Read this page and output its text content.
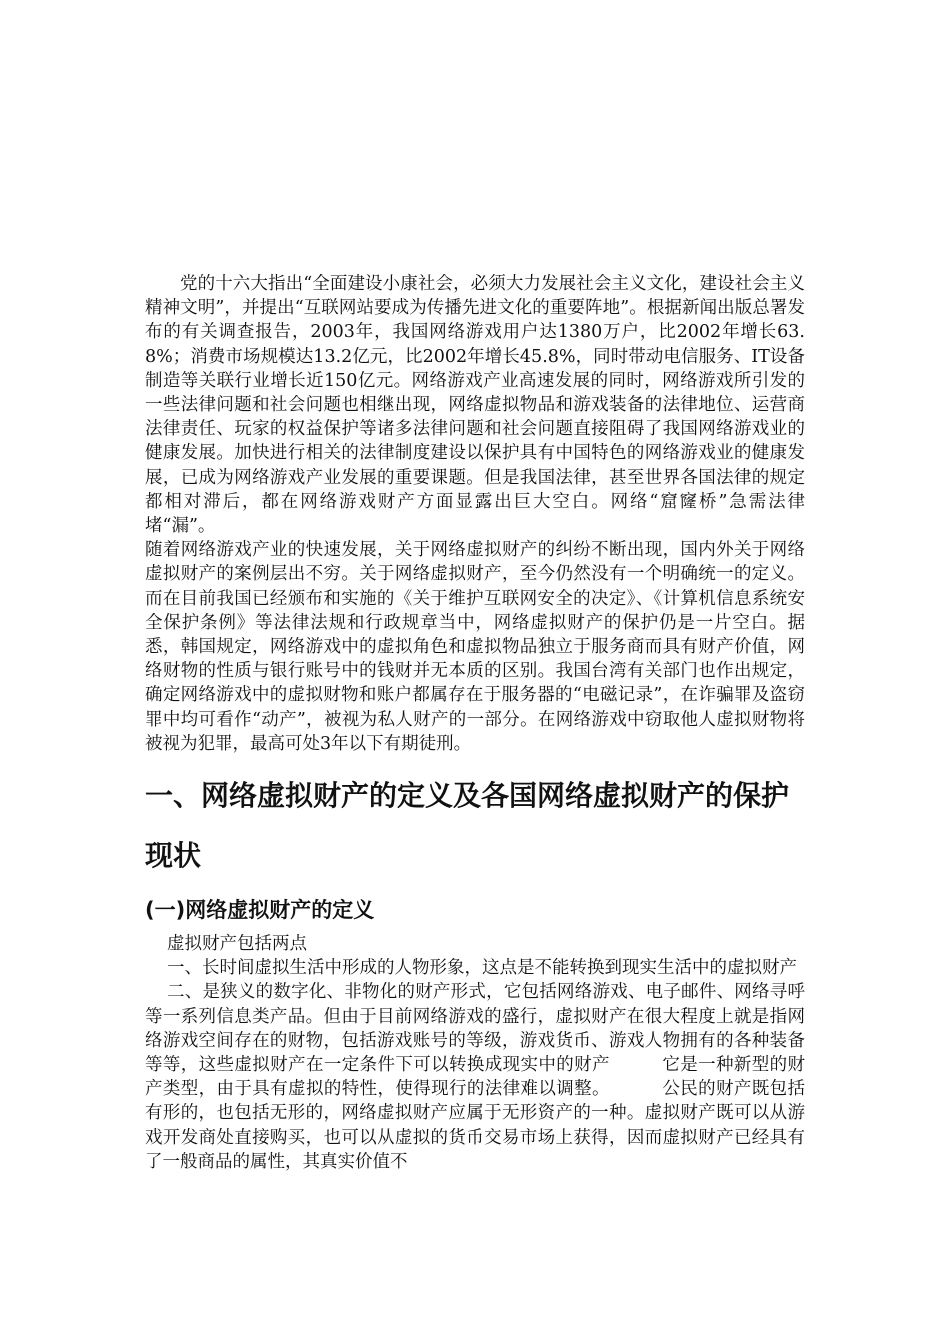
党的十六大指出“全面建设小康社会，必须大力发展社会主义文化，建设社会主义精神文明”，并提出“互联网站要成为传播先进文化的重要阵地”。根据新闻出版总署发布的有关调查报告，2003年，我国网络游戏用户达1380万户，比2002年增长63.8%；消费市场规模达13.2亿元，比2002年增长45.8%，同时带动电信服务、IT设备制造等关联行业增长近150亿元。网络游戏产业高速发展的同时，网络游戏所引发的一些法律问题和社会问题也相继出现，网络虚拟物品和游戏装备的法律地位、运营商法律责任、玩家的权益保护等诸多法律问题和社会问题直接阻碍了我国网络游戏业的健康发展。加快进行相关的法律制度建设以保护具有中国特色的网络游戏业的健康发展，已成为网络游戏产业发展的重要课题。但是我国法律，甚至世界各国法律的规定都相对滞后，都在网络游戏财产方面显露出巨大空白。网络“窟窿桥”急需法律堵“漏”。

随着网络游戏产业的快速发展，关于网络虚拟财产的纠纷不断出现，国内外关于网络虚拟财产的案例层出不穷。关于网络虚拟财产，至今仍然没有一个明确统一的定义。而在目前我国已经颁布和实施的《关于维护互联网安全的决定》、《计算机信息系统安全保护条例》等法律法规和行政规章当中，网络虚拟财产的保护仍是一片空白。据悉，韩国规定，网络游戏中的虚拟角色和虚拟物品独立于服务商而具有财产价值，网络财物的性质与银行账号中的钱财并无本质的区别。我国台湾有关部门也作出规定，确定网络游戏中的虚拟财物和账户都属存在于服务器的“电磁记录”，在诈骗罪及盗窃罪中均可看作“动产”，被视为私人财产的一部分。在网络游戏中窃取他人虚拟财物将被视为犯罪，最高可处3年以下有期徒刑。

一、网络虚拟财产的定义及各国网络虚拟财产的保护现状
(一)网络虚拟财产的定义

虚拟财产包括两点

一、长时间虚拟生活中形成的人物形象，这点是不能转换到现实生活中的虚拟财产

二、是狭义的数字化、非物化的财产形式，它包括网络游戏、电子邮件、网络寻呼等一系列信息类产品。但由于目前网络游戏的盛行，虚拟财产在很大程度上就是指网络游戏空间存在的财物，包括游戏账号的等级，游戏货币、游戏人物拥有的各种装备等等，这些虚拟财产在一定条件下可以转换成现实中的财产	它是一种新型的财产类型，由于具有虚拟的特性，使得现行的法律难以调整。	公民的财产既包括有形的，也包括无形的，网络虚拟财产应属于无形资产的一种。虚拟财产既可以从游戏开发商处直接购买，也可以从虚拟的货币交易市场上获得，因而虚拟财产已经具有了一般商品的属性，其真实价值不
